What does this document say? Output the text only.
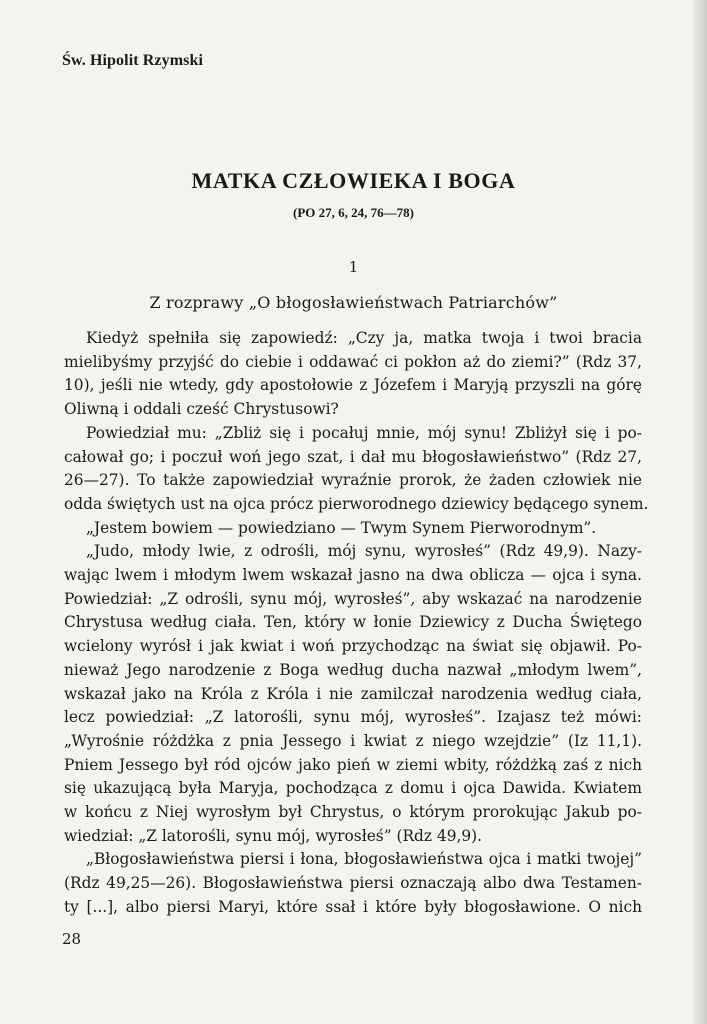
Św. Hipolit Rzymski
MATKA CZŁOWIEKA I BOGA
(PO 27, 6, 24, 76—78)
1
Z rozprawy „O błogosławieństwach Patriarchów”
Kiedyż spełniła się zapowiedź: „Czy ja, matka twoja i twoi bracia
mielibyśmy przyjść do ciebie i oddawać ci pokłon aż do ziemi?” (Rdz 37,
10), jeśli nie wtedy, gdy apostołowie z Józefem i Maryją przyszli na górę
Oliwną i oddali cześć Chrystusowi?
Powiedział mu: „Zbliż się i pocałuj mnie, mój synu! Zbliżył się i po-
całował go; i poczuł woń jego szat, i dał mu błogosławieństwo” (Rdz 27,
26—27). To także zapowiedział wyraźnie prorok, że żaden człowiek nie
odda świętych ust na ojca prócz pierworodnego dziewicy będącego synem.
„Jestem bowiem — powiedziano — Twym Synem Pierworodnym”.
„Judo, młody lwie, z odrośli, mój synu, wyrosłeś” (Rdz 49,9). Nazy-
wając lwem i młodym lwem wskazał jasno na dwa oblicza — ojca i syna.
Powiedział: „Z odrośli, synu mój, wyrosłeś”, aby wskazać na narodzenie
Chrystusa według ciała. Ten, który w łonie Dziewicy z Ducha Świętego
wcielony wyrósł i jak kwiat i woń przychodząc na świat się objawił. Po-
nieważ Jego narodzenie z Boga według ducha nazwał „młodym lwem”,
wskazał jako na Króla z Króla i nie zamilczał narodzenia według ciała,
lecz powiedział: „Z latorośli, synu mój, wyrosłeś”. Izajasz też mówi:
„Wyrośnie różdżka z pnia Jessego i kwiat z niego wzejdzie” (Iz 11,1).
Pniem Jessego był ród ojców jako pień w ziemi wbity, różdżką zaś z nich
się ukazującą była Maryja, pochodząca z domu i ojca Dawida. Kwiatem
w końcu z Niej wyrosłym był Chrystus, o którym prorokując Jakub po-
wiedział: „Z latorośli, synu mój, wyrosłeś” (Rdz 49,9).
„Błogosławieństwa piersi i łona, błogosławieństwa ojca i matki twojej”
(Rdz 49,25—26). Błogosławieństwa piersi oznaczają albo dwa Testamen-
ty [...], albo piersi Maryi, które ssał i które były błogosławione. O nich
28
